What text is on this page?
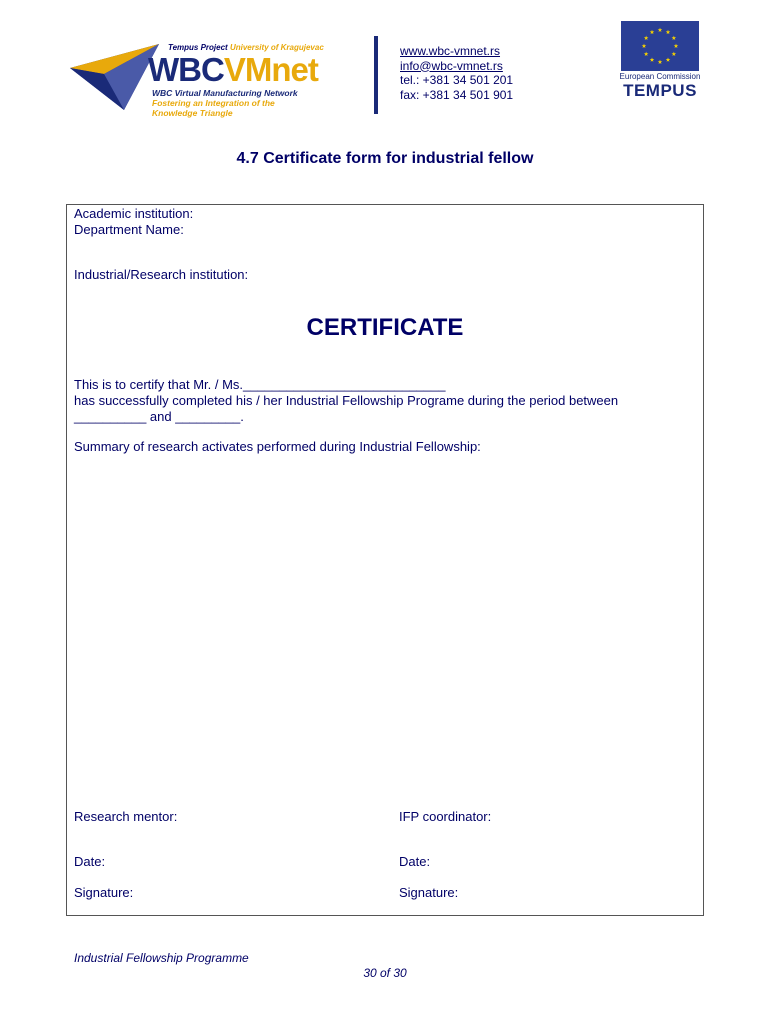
Tempus Project University of Kragujevac
WBCVMnet
WBC Virtual Manufacturing Network
Fostering an Integration of the
Knowledge Triangle
www.wbc-vmnet.rs
info@wbc-vmnet.rs
tel.: +381 34 501 201
fax: +381 34 501 901
European Commission
TEMPUS
4.7 Certificate form for industrial fellow
Academic institution:
Department Name:
Industrial/Research institution:
CERTIFICATE
This is to certify that Mr. / Ms.____________________________
has successfully completed his / her Industrial Fellowship Programe during the period between
__________ and _________.
Summary of research activates performed during Industrial Fellowship:
Research mentor:	IFP coordinator:
Date:	Date:
Signature:	Signature:
Industrial Fellowship Programme
30 of 30
